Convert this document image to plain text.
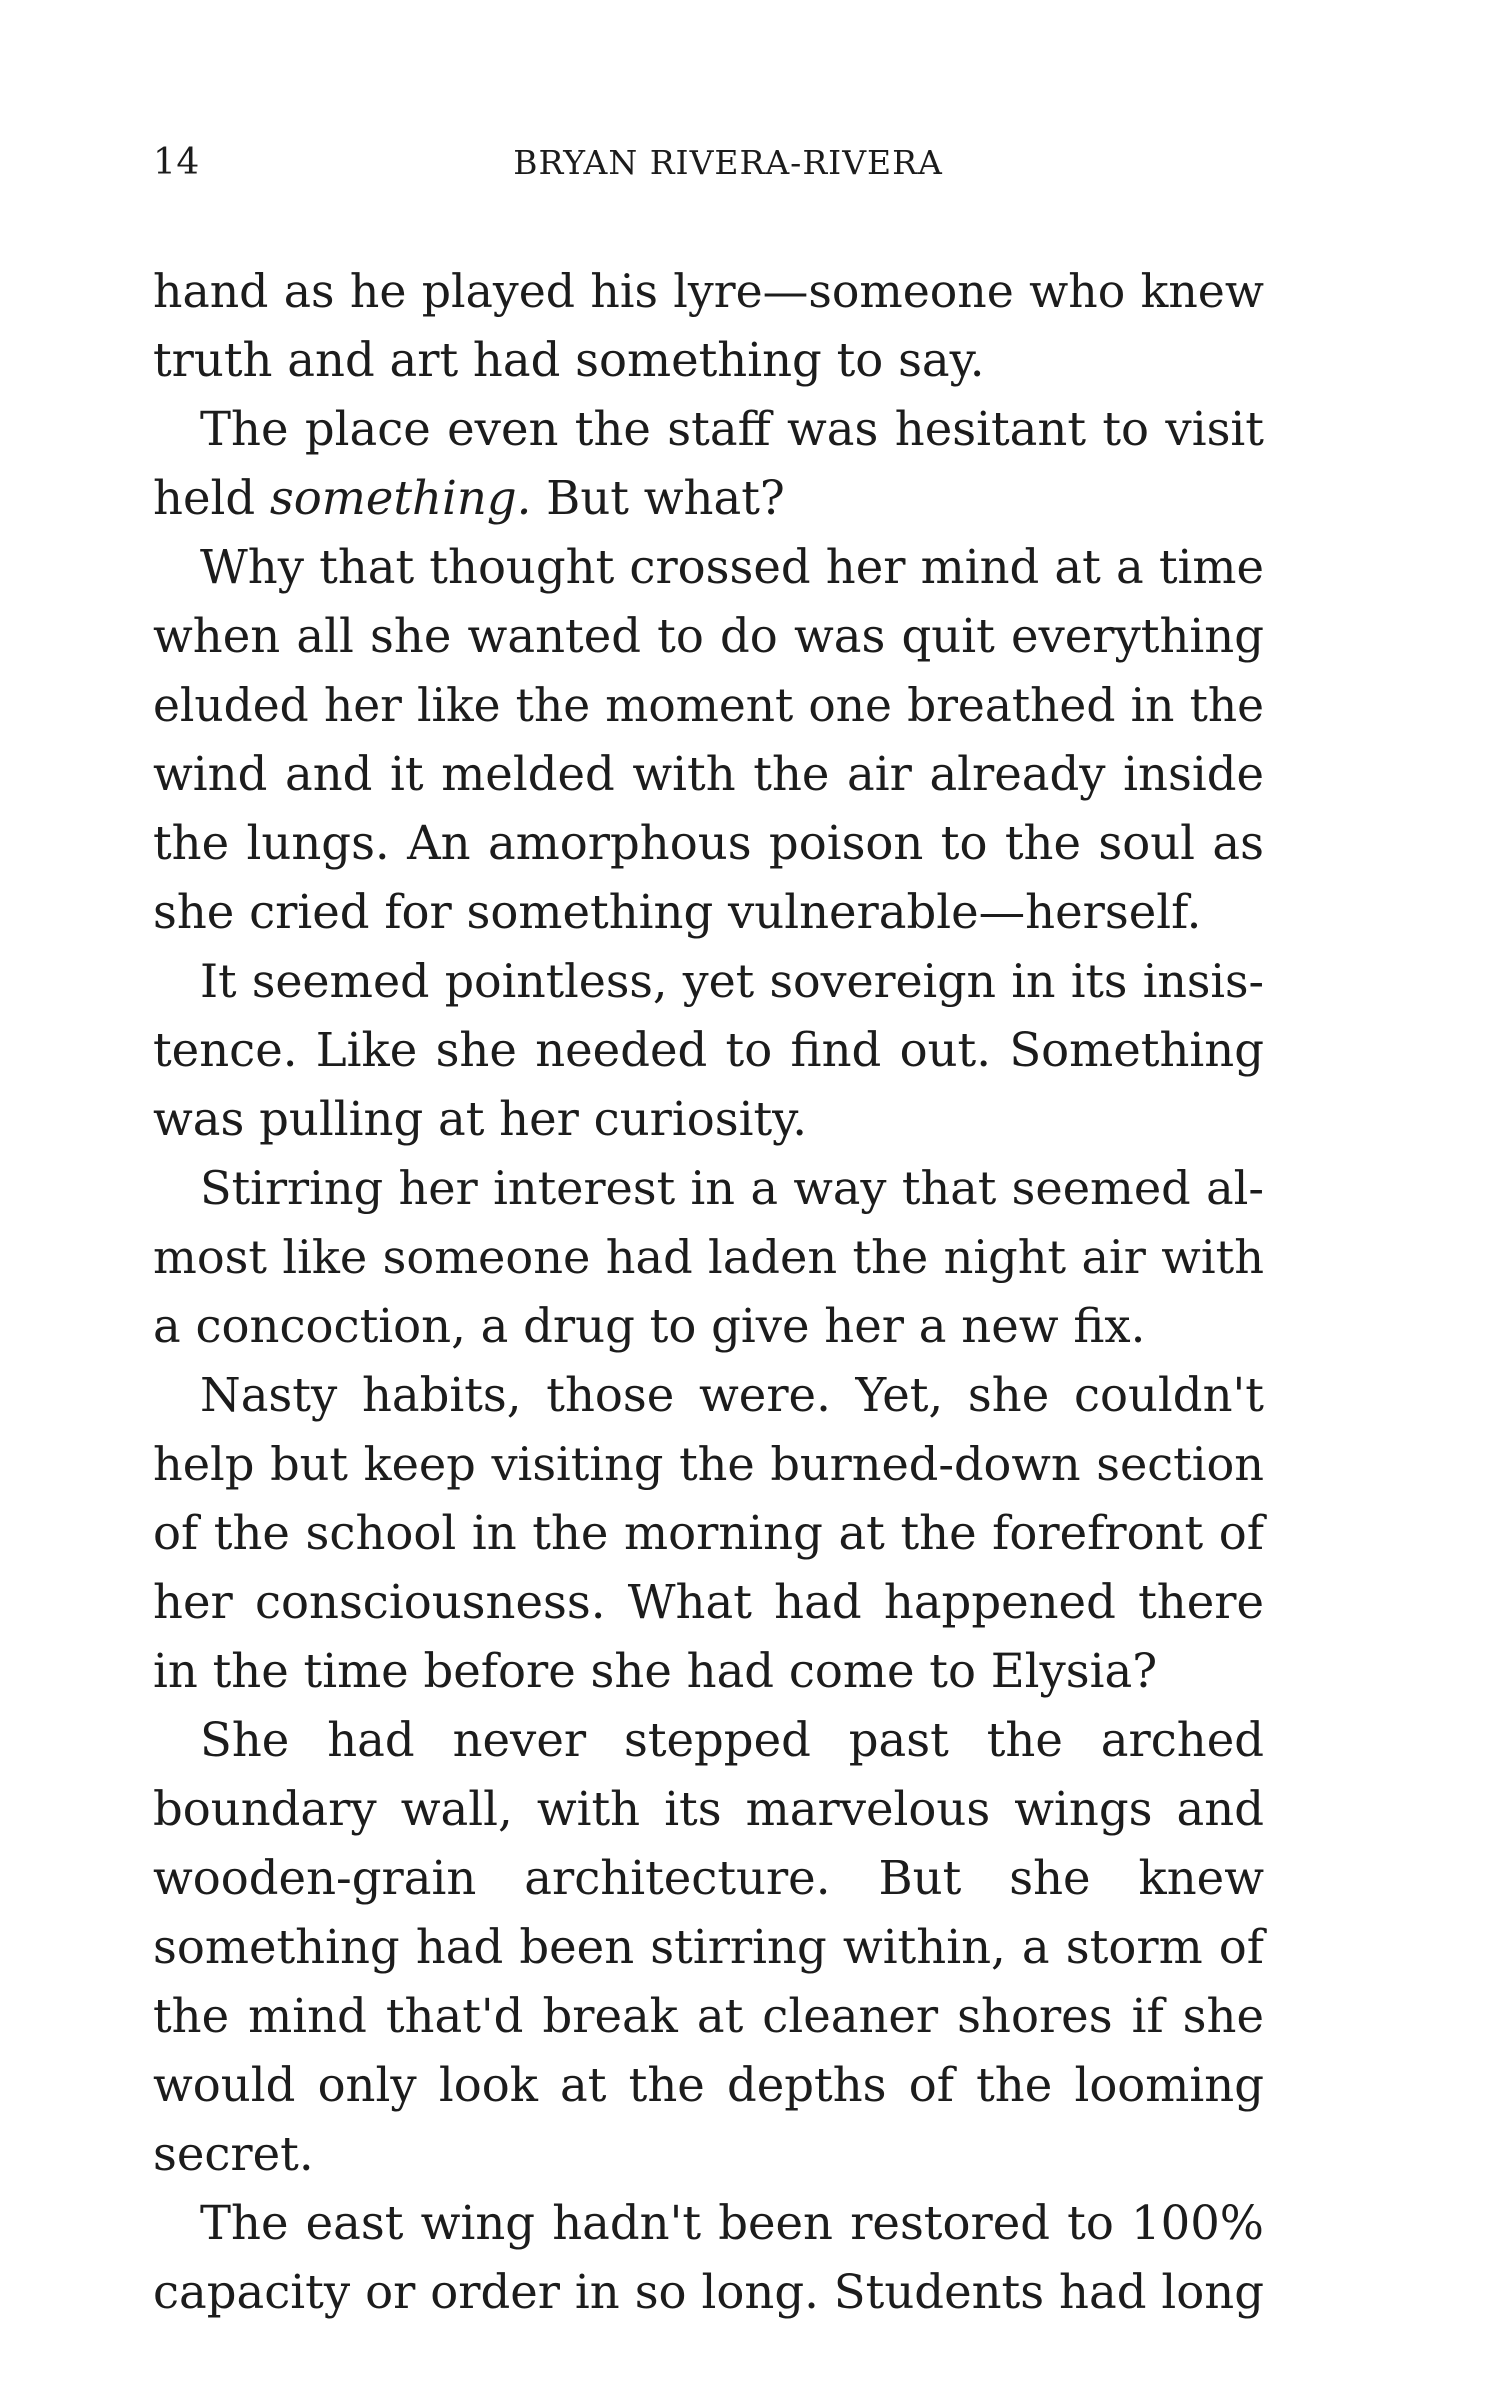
14	BRYAN RIVERA-RIVERA
hand as he played his lyre—someone who knew
truth and art had something to say.
The place even the staff was hesitant to visit
held something. But what?
Why that thought crossed her mind at a time
when all she wanted to do was quit everything
eluded her like the moment one breathed in the
wind and it melded with the air already inside
the lungs. An amorphous poison to the soul as
she cried for something vulnerable—herself.
It seemed pointless, yet sovereign in its insis-
tence. Like she needed to find out. Something
was pulling at her curiosity.
Stirring her interest in a way that seemed al-
most like someone had laden the night air with
a concoction, a drug to give her a new fix.
Nasty habits, those were. Yet, she couldn't
help but keep visiting the burned-down section
of the school in the morning at the forefront of
her consciousness. What had happened there
in the time before she had come to Elysia?
She had never stepped past the arched
boundary wall, with its marvelous wings and
wooden-grain architecture. But she knew
something had been stirring within, a storm of
the mind that'd break at cleaner shores if she
would only look at the depths of the looming
secret.
The east wing hadn't been restored to 100%
capacity or order in so long. Students had long
